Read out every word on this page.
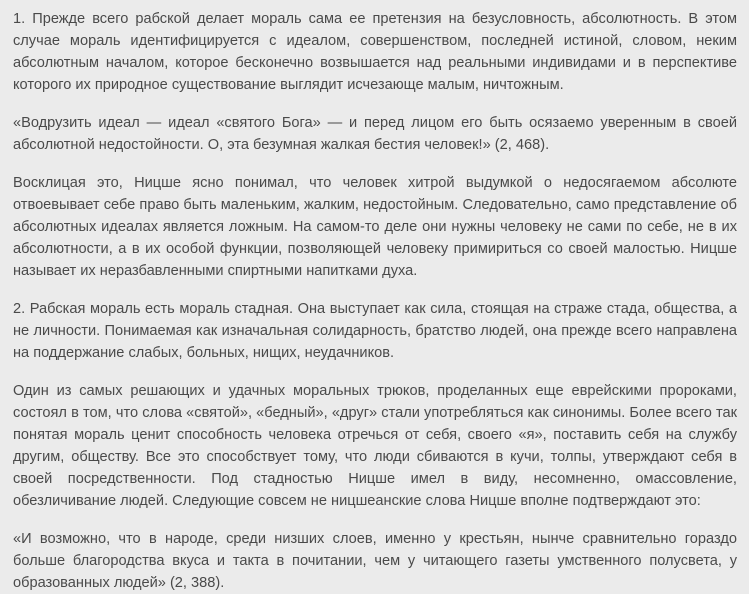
1. Прежде всего рабской делает мораль сама ее претензия на безусловность, абсолютность. В этом случае мораль идентифицируется с идеалом, совершенством, последней истиной, словом, неким абсолютным началом, которое бесконечно возвышается над реальными индивидами и в перспективе которого их природное существование выглядит исчезающе малым, ничтожным.

«Водрузить идеал — идеал «святого Бога» — и перед лицом его быть осязаемо уверенным в своей абсолютной недостойности. О, эта безумная жалкая бестия человек!» (2, 468).

Восклицая это, Ницше ясно понимал, что человек хитрой выдумкой о недосягаемом абсолюте отвоевывает себе право быть маленьким, жалким, недостойным. Следовательно, само представление об абсолютных идеалах является ложным. На самом-то деле они нужны человеку не сами по себе, не в их абсолютности, а в их особой функции, позволяющей человеку примириться со своей малостью. Ницше называет их неразбавленными спиртными напитками духа.

2. Рабская мораль есть мораль стадная. Она выступает как сила, стоящая на страже стада, общества, а не личности. Понимаемая как изначальная солидарность, братство людей, она прежде всего направлена на поддержание слабых, больных, нищих, неудачников.

Один из самых решающих и удачных моральных трюков, проделанных еще еврейскими пророками, состоял в том, что слова «святой», «бедный», «друг» стали употребляться как синонимы. Более всего так понятая мораль ценит способность человека отречься от себя, своего «я», поставить себя на службу другим, обществу. Все это способствует тому, что люди сбиваются в кучи, толпы, утверждают себя в своей посредственности. Под стадностью Ницше имел в виду, несомненно, омассовление, обезличивание людей. Следующие совсем не ницшеанские слова Ницше вполне подтверждают это:

«И возможно, что в народе, среди низших слоев, именно у крестьян, нынче сравнительно гораздо больше благородства вкуса и такта в почитании, чем у читающего газеты умственного полусвета, у образованных людей» (2, 388).
